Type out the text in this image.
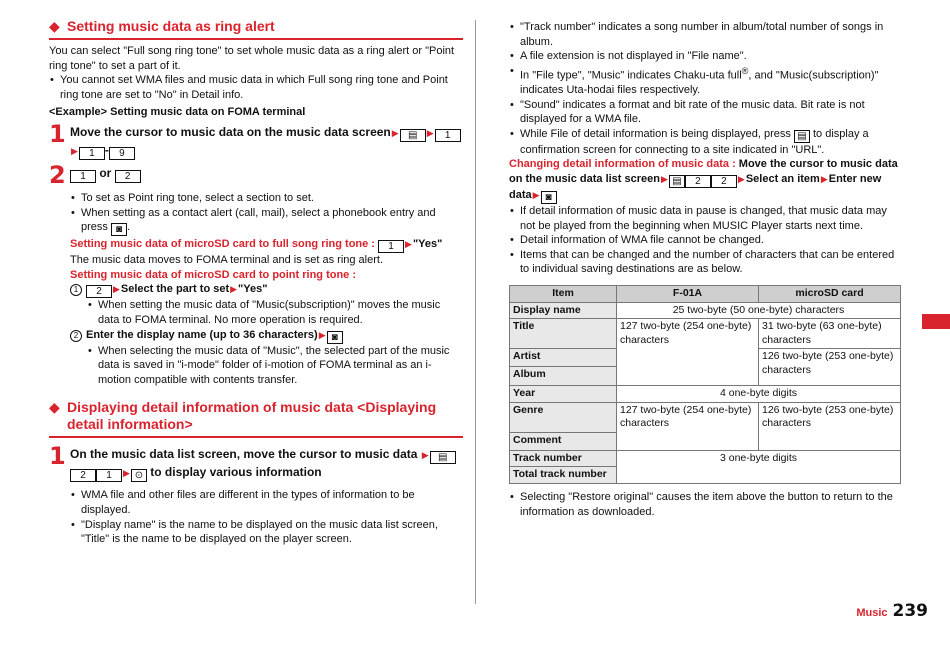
◆ Setting music data as ring alert

You can select "Full song ring tone" to set whole music data as a ring alert or "Point ring tone" to set a part of it.

• You cannot set WMA files and music data in which Full song ring tone and Point ring tone are set to "No" in Detail info.

<Example> Setting music data on FOMA terminal

1 Move the cursor to music data on the music data screen▶ ▤ ▶ 1▶ 1 - 9
2 1 or 2

• To set as Point ring tone, select a section to set.

• When setting as a contact alert (call, mail), select a phonebook entry and press ◙ .

Setting music data of microSD card to full song ring tone : 1 ▶"Yes"

The music data moves to FOMA terminal and is set as ring alert.

Setting music data of microSD card to point ring tone :

1 2 ▶Select the part to set▶"Yes"

• When setting the music data of "Music(subscription)" moves the music data to FOMA terminal. No more operation is required.

2 Enter the display name (up to 36 characters)▶ ◙

• When selecting the music data of "Music", the selected part of the music data is saved in "i-mode" folder of i-motion of FOMA terminal as an i-motion compatible with contents transfer.

◆ Displaying detail information of music data <Displaying detail information>
1 On the music data list screen, move the cursor to music data ▶ ▤2 1 ▶ ⊙ to display various information

• WMA file and other files are different in the types of information to be displayed.

• "Display name" is the name to be displayed on the music data list screen, "Title" is the name to be displayed on the player screen.

• "Track number" indicates a song number in album/total number of songs in album.

• A file extension is not displayed in "File name".

• In "File type", "Music" indicates Chaku-uta full®, and "Music(subscription)" indicates Uta-hodai files respectively.

• "Sound" indicates a format and bit rate of the music data. Bit rate is not displayed for a WMA file.

• While File of detail information is being displayed, press ▤ to display a confirmation screen for connecting to a site indicated in "URL".

Changing detail information of music data : Move the cursor to music data on the music data list screen▶ ▤ 2 2 ▶Select an item▶Enter new data▶ ◙

• If detail information of music data in pause is changed, that music data may not be played from the beginning when MUSIC Player starts next time.

• Detail information of WMA file cannot be changed.

• Items that can be changed and the number of characters that can be entered to individual saving destinations are as below.

Item	F-01A	microSD card
Display name	25 two-byte (50 one-byte) characters	
Title	127 two-byte (254 one-byte) characters	31 two-byte (63 one-byte) characters
Artist		126 two-byte (253 one-byte) characters
Album		
Year	4 one-byte digits	
Genre	127 two-byte (254 one-byte) characters	126 two-byte (253 one-byte) characters
Comment		
Track number	3 one-byte digits	
Total track number		

• Selecting "Restore original" causes the item above the button to return to the information as downloaded.

Music 239
